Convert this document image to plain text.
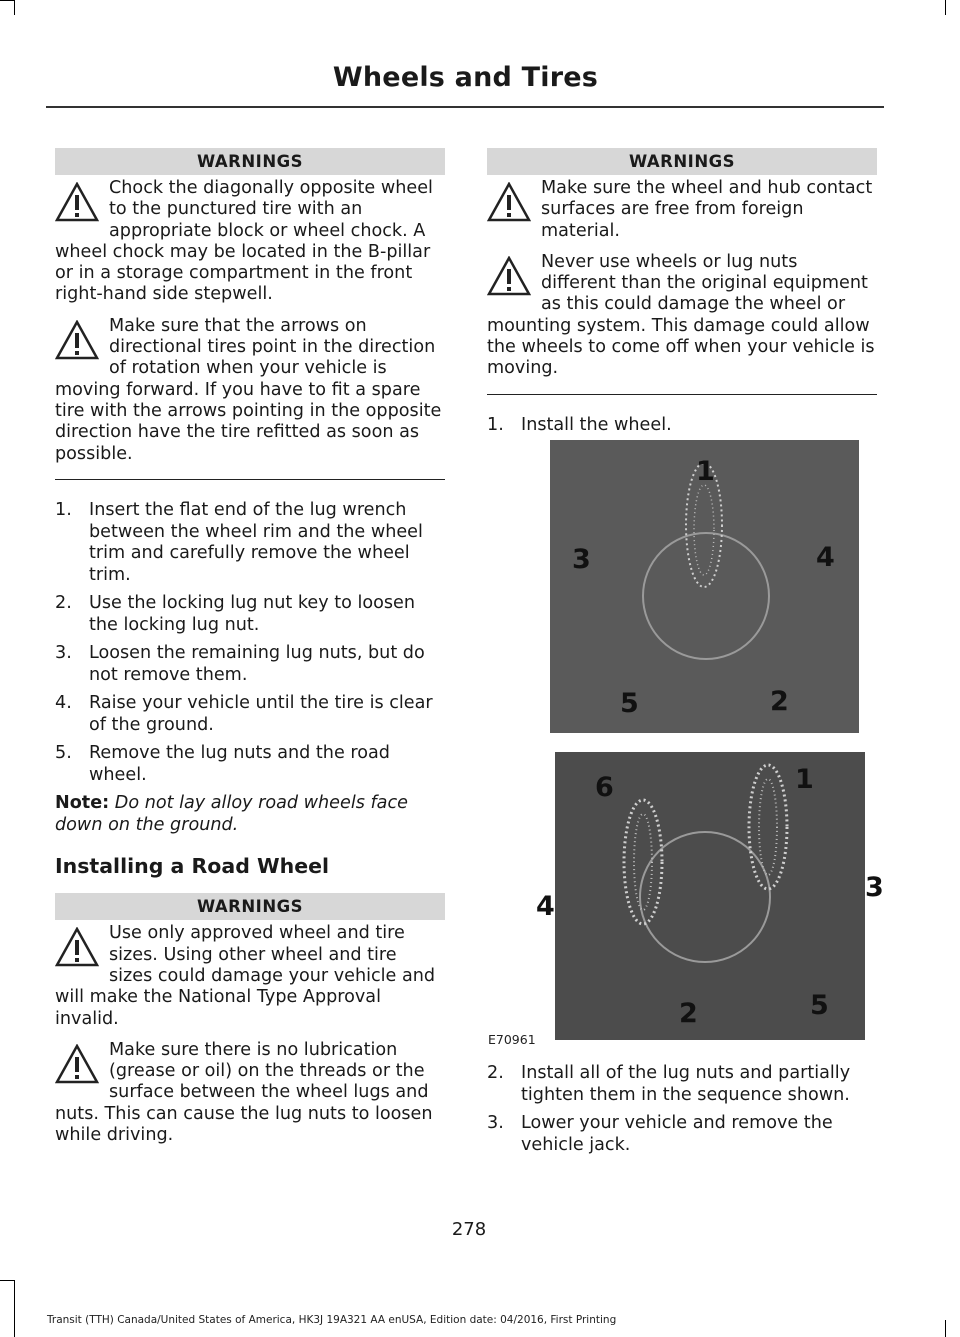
Wheels and Tires
WARNINGS
Chock the diagonally opposite wheel to the punctured tire with an appropriate block or wheel chock. A wheel chock may be located in the B-pillar or in a storage compartment in the front right-hand side stepwell.
Make sure that the arrows on directional tires point in the direction of rotation when your vehicle is moving forward. If you have to fit a spare tire with the arrows pointing in the opposite direction have the tire refitted as soon as possible.
1. Insert the flat end of the lug wrench between the wheel rim and the wheel trim and carefully remove the wheel trim.
2. Use the locking lug nut key to loosen the locking lug nut.
3. Loosen the remaining lug nuts, but do not remove them.
4. Raise your vehicle until the tire is clear of the ground.
5. Remove the lug nuts and the road wheel.
Note: Do not lay alloy road wheels face down on the ground.
Installing a Road Wheel
WARNINGS
Use only approved wheel and tire sizes. Using other wheel and tire sizes could damage your vehicle and will make the National Type Approval invalid.
Make sure there is no lubrication (grease or oil) on the threads or the surface between the wheel lugs and nuts. This can cause the lug nuts to loosen while driving.
WARNINGS
Make sure the wheel and hub contact surfaces are free from foreign material.
Never use wheels or lug nuts different than the original equipment as this could damage the wheel or mounting system. This damage could allow the wheels to come off when your vehicle is moving.
1. Install the wheel.
1
3	4
5	2
6	1
5
2
4
3
E70961
2. Install all of the lug nuts and partially tighten them in the sequence shown.
3. Lower your vehicle and remove the vehicle jack.
278
Transit (TTH) Canada/United States of America, HK3J 19A321 AA enUSA, Edition date: 04/2016, First Printing
